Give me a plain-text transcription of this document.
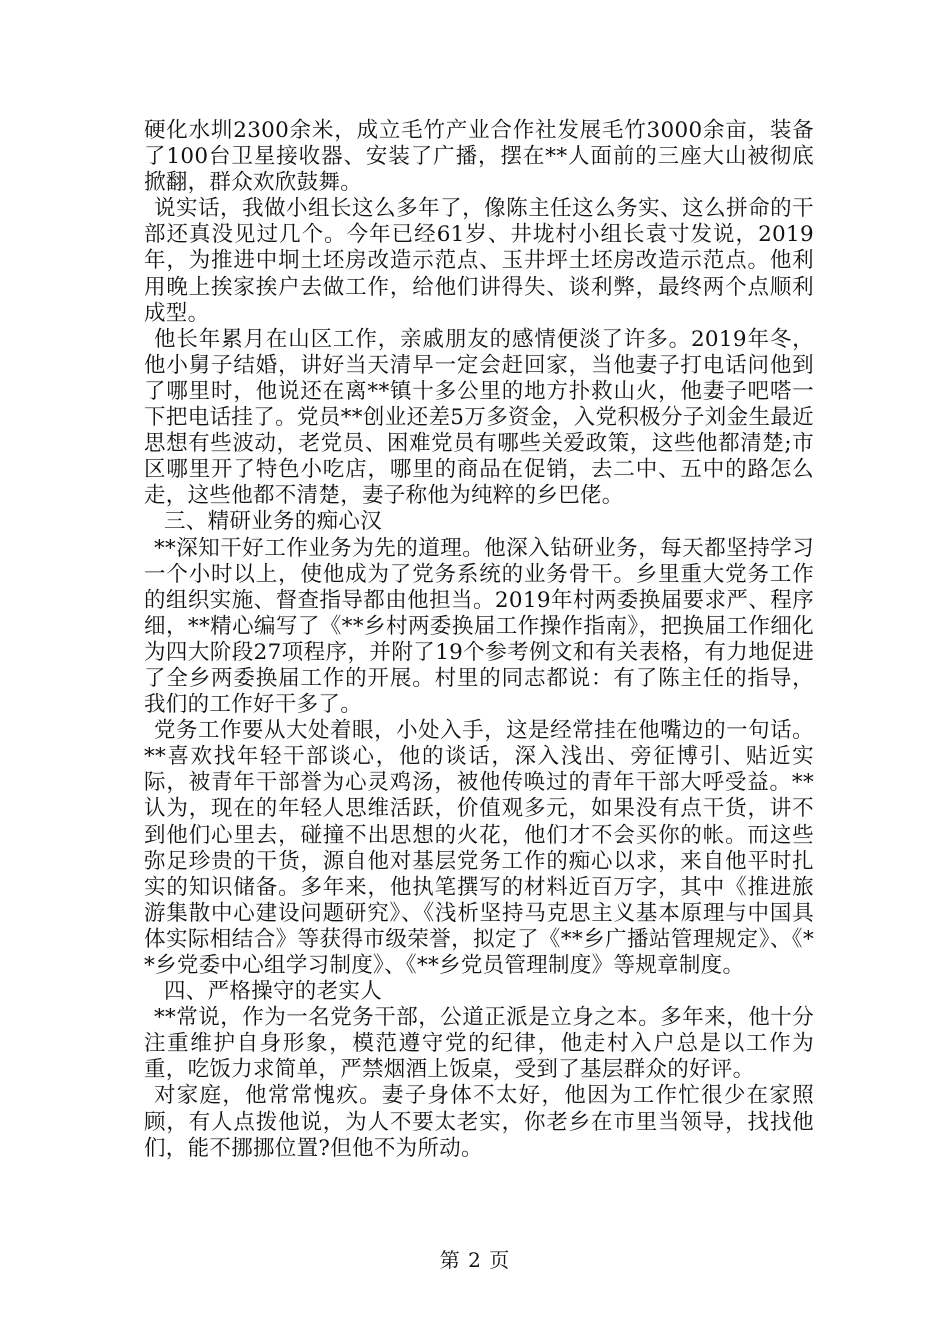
硬化水圳2300余米，成立毛竹产业合作社发展毛竹3000余亩，装备了100台卫星接收器、安装了广播，摆在**人面前的三座大山被彻底掀翻，群众欢欣鼓舞。

说实话，我做小组长这么多年了，像陈主任这么务实、这么拼命的干部还真没见过几个。今年已经61岁、井垅村小组长袁寸发说，2019年，为推进中坰土坯房改造示范点、玉井坪土坯房改造示范点。他利用晚上挨家挨户去做工作，给他们讲得失、谈利弊，最终两个点顺利成型。

他长年累月在山区工作，亲戚朋友的感情便淡了许多。2019年冬，他小舅子结婚，讲好当天清早一定会赶回家，当他妻子打电话问他到了哪里时，他说还在离**镇十多公里的地方扑救山火，他妻子吧嗒一下把电话挂了。党员**创业还差5万多资金，入党积极分子刘金生最近思想有些波动，老党员、困难党员有哪些关爱政策，这些他都清楚;市区哪里开了特色小吃店，哪里的商品在促销，去二中、五中的路怎么走，这些他都不清楚，妻子称他为纯粹的乡巴佬。

三、精研业务的痴心汉

**深知干好工作业务为先的道理。他深入钻研业务，每天都坚持学习一个小时以上，使他成为了党务系统的业务骨干。乡里重大党务工作的组织实施、督查指导都由他担当。2019年村两委换届要求严、程序细，**精心编写了《**乡村两委换届工作操作指南》，把换届工作细化为四大阶段27项程序，并附了19个参考例文和有关表格，有力地促进了全乡两委换届工作的开展。村里的同志都说：有了陈主任的指导，我们的工作好干多了。

党务工作要从大处着眼，小处入手，这是经常挂在他嘴边的一句话。**喜欢找年轻干部谈心，他的谈话，深入浅出、旁征博引、贴近实际，被青年干部誉为心灵鸡汤，被他传唤过的青年干部大呼受益。**认为，现在的年轻人思维活跃，价值观多元，如果没有点干货，讲不到他们心里去，碰撞不出思想的火花，他们才不会买你的帐。而这些弥足珍贵的干货，源自他对基层党务工作的痴心以求，来自他平时扎实的知识储备。多年来，他执笔撰写的材料近百万字，其中《推进旅游集散中心建设问题研究》、《浅析坚持马克思主义基本原理与中国具体实际相结合》等获得市级荣誉，拟定了《**乡广播站管理规定》、《**乡党委中心组学习制度》、《**乡党员管理制度》等规章制度。

四、严格操守的老实人

**常说，作为一名党务干部，公道正派是立身之本。多年来，他十分注重维护自身形象，模范遵守党的纪律，他走村入户总是以工作为重，吃饭力求简单，严禁烟酒上饭桌，受到了基层群众的好评。

对家庭，他常常愧疚。妻子身体不太好，他因为工作忙很少在家照顾，有人点拨他说，为人不要太老实，你老乡在市里当领导，找找他们，能不挪挪位置?但他不为所动。

第 2 页
